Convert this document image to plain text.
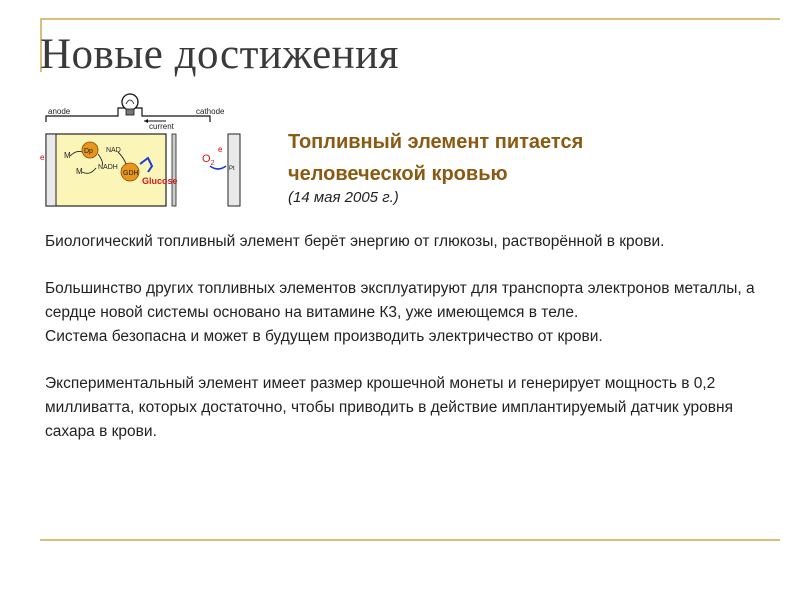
Новые достижения
anode	cathode
current
e
e
M
M
Dp NAD
NADH
GDH
Glucose
$O_2$
Pt
Топливный элемент питается
человеческой кровью
(14 мая 2005 г.)

Биологический топливный элемент берёт энергию от глюкозы, растворённой в крови.

Большинство других топливных элементов эксплуатируют для транспорта электронов металлы, а сердце новой системы основано на витамине К3, уже имеющемся в теле.

Система безопасна и может в будущем производить электричество от крови.

Экспериментальный элемент имеет размер крошечной монеты и генерирует мощность в 0,2 милливатта, которых достаточно, чтобы приводить в действие имплантируемый датчик уровня сахара в крови.
